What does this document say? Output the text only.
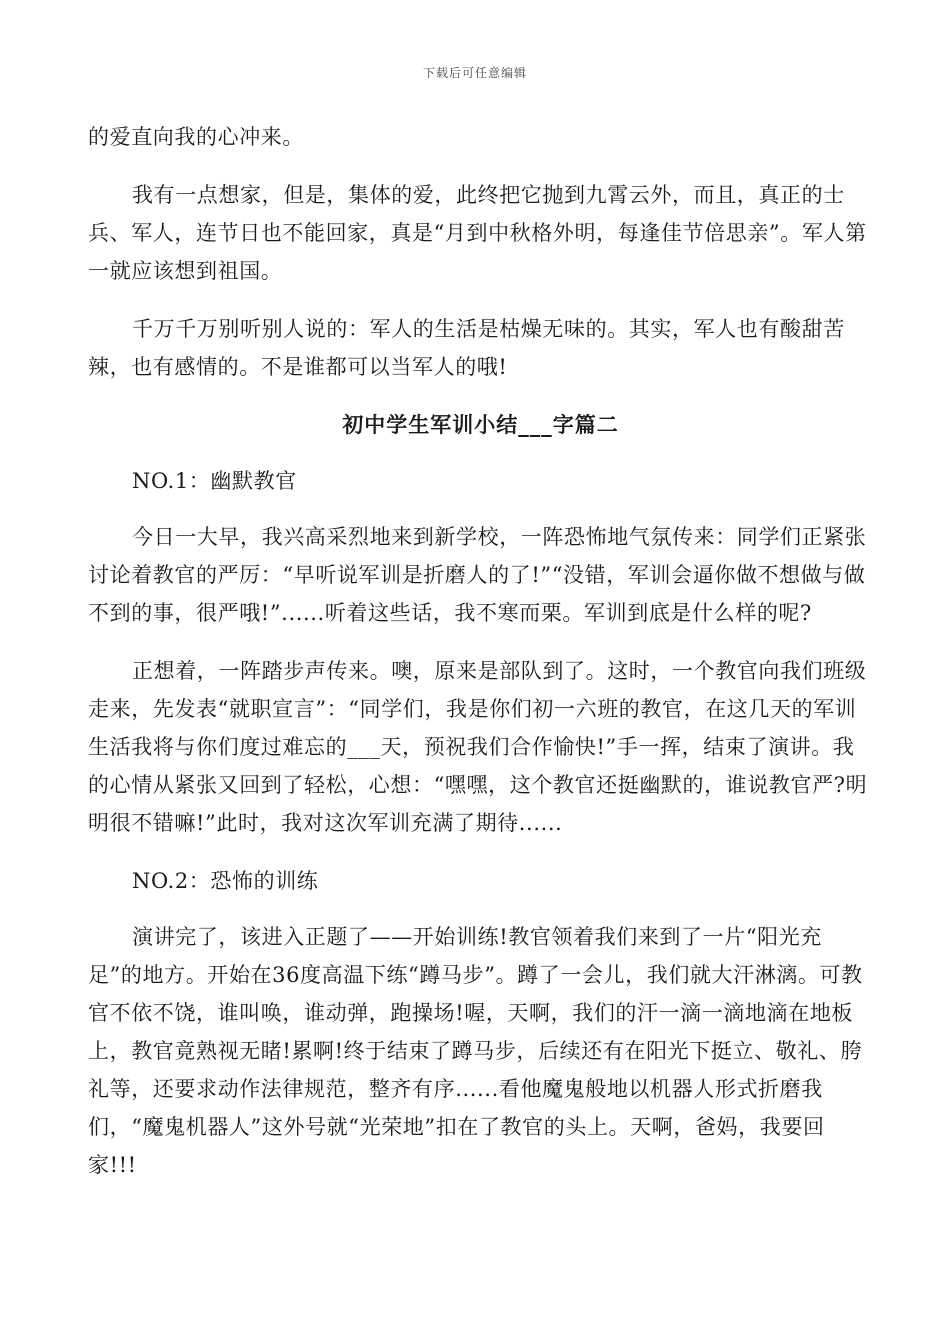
下载后可任意编辑

的爱直向我的心冲来。

我有一点想家，但是，集体的爱，此终把它抛到九霄云外，而且，真正的士兵、军人，连节日也不能回家，真是“月到中秋格外明，每逢佳节倍思亲”。军人第一就应该想到祖国。

千万千万别听别人说的：军人的生活是枯燥无味的。其实，军人也有酸甜苦辣，也有感情的。不是谁都可以当军人的哦!

初中学生军训小结___字篇二

NO.1：幽默教官

今日一大早，我兴高采烈地来到新学校，一阵恐怖地气氛传来：同学们正紧张讨论着教官的严厉：“早听说军训是折磨人的了!”“没错，军训会逼你做不想做与做不到的事，很严哦!”......听着这些话，我不寒而栗。军训到底是什么样的呢?

正想着，一阵踏步声传来。噢，原来是部队到了。这时，一个教官向我们班级走来，先发表“就职宣言”：“同学们，我是你们初一六班的教官，在这几天的军训生活我将与你们度过难忘的___天，预祝我们合作愉快!”手一挥，结束了演讲。我的心情从紧张又回到了轻松，心想：“嘿嘿，这个教官还挺幽默的，谁说教官严?明明很不错嘛!”此时，我对这次军训充满了期待......

NO.2：恐怖的训练

演讲完了，该进入正题了——开始训练!教官领着我们来到了一片“阳光充足”的地方。开始在36度高温下练“蹲马步”。蹲了一会儿，我们就大汗淋漓。可教官不依不饶，谁叫唤，谁动弹，跑操场!喔，天啊，我们的汗一滴一滴地滴在地板上，教官竟熟视无睹!累啊!终于结束了蹲马步，后续还有在阳光下挺立、敬礼、胯礼等，还要求动作法律规范，整齐有序......看他魔鬼般地以机器人形式折磨我们，“魔鬼机器人”这外号就“光荣地”扣在了教官的头上。天啊，爸妈，我要回家!!!
